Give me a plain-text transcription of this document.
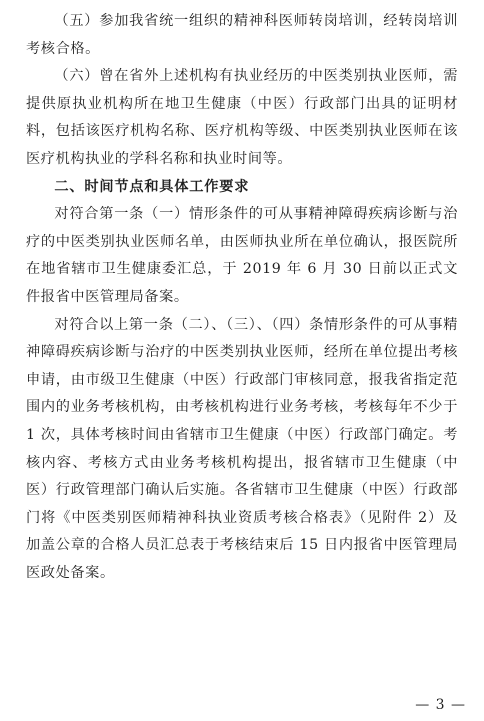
（五）参加我省统一组织的精神科医师转岗培训，经转岗培训考核合格。

（六）曾在省外上述机构有执业经历的中医类别执业医师，需提供原执业机构所在地卫生健康（中医）行政部门出具的证明材料，包括该医疗机构名称、医疗机构等级、中医类别执业医师在该医疗机构执业的学科名称和执业时间等。

二、时间节点和具体工作要求

对符合第一条（一）情形条件的可从事精神障碍疾病诊断与治疗的中医类别执业医师名单，由医师执业所在单位确认，报医院所在地省辖市卫生健康委汇总，于 2019 年 6 月 30 日前以正式文件报省中医管理局备案。

对符合以上第一条（二）、（三）、（四）条情形条件的可从事精神障碍疾病诊断与治疗的中医类别执业医师，经所在单位提出考核申请，由市级卫生健康（中医）行政部门审核同意，报我省指定范围内的业务考核机构，由考核机构进行业务考核，考核每年不少于 1 次，具体考核时间由省辖市卫生健康（中医）行政部门确定。考核内容、考核方式由业务考核机构提出，报省辖市卫生健康（中医）行政管理部门确认后实施。各省辖市卫生健康（中医）行政部门将《中医类别医师精神科执业资质考核合格表》（见附件 2）及加盖公章的合格人员汇总表于考核结束后 15 日内报省中医管理局医政处备案。

— 3 —
